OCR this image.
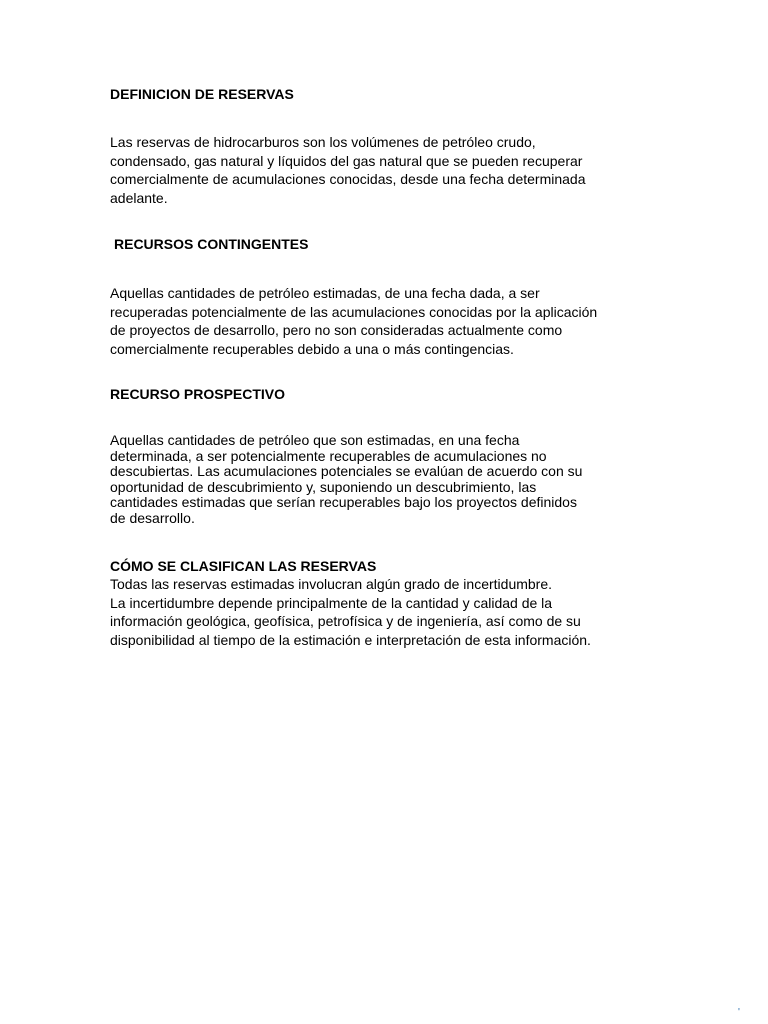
DEFINICION DE RESERVAS

Las reservas de hidrocarburos son los volúmenes de petróleo crudo,
condensado, gas natural y líquidos del gas natural que se pueden recuperar
comercialmente de acumulaciones conocidas, desde una fecha determinada
adelante.

RECURSOS CONTINGENTES

Aquellas cantidades de petróleo estimadas, de una fecha dada, a ser
recuperadas potencialmente de las acumulaciones conocidas por la aplicación
de proyectos de desarrollo, pero no son consideradas actualmente como
comercialmente recuperables debido a una o más contingencias.

RECURSO PROSPECTIVO

Aquellas cantidades de petróleo que son estimadas, en una fecha
determinada, a ser potencialmente recuperables de acumulaciones no
descubiertas. Las acumulaciones potenciales se evalúan de acuerdo con su
oportunidad de descubrimiento y, suponiendo un descubrimiento, las
cantidades estimadas que serían recuperables bajo los proyectos definidos
de desarrollo.

CÓMO SE CLASIFICAN LAS RESERVAS

Todas las reservas estimadas involucran algún grado de incertidumbre.
La incertidumbre depende principalmente de la cantidad y calidad de la
información geológica, geofísica, petrofísica y de ingeniería, así como de su
disponibilidad al tiempo de la estimación e interpretación de esta información.

'
